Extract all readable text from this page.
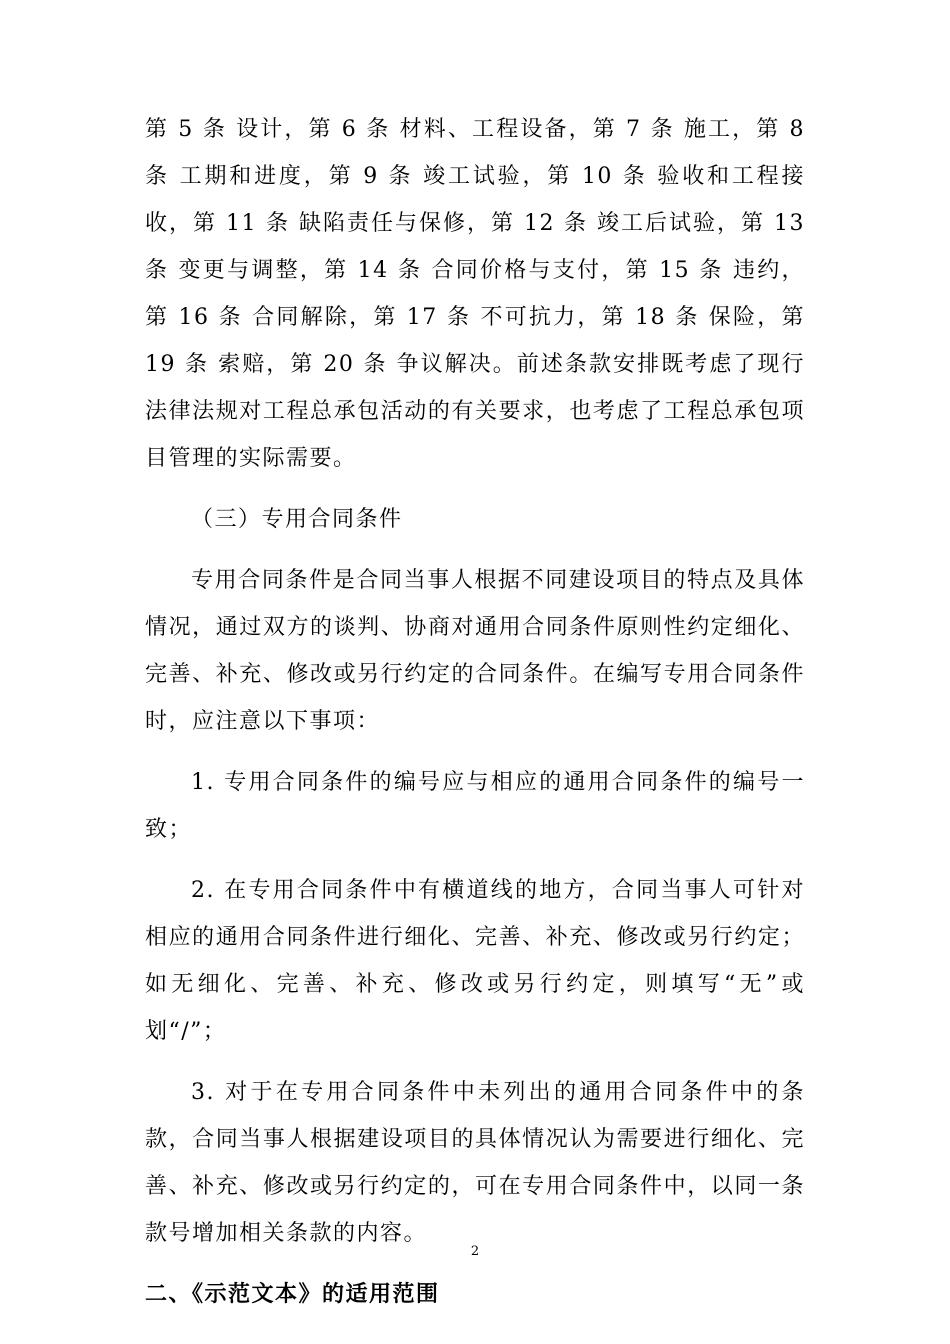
第 5 条 设计，第 6 条 材料、工程设备，第 7 条 施工，第 8 条 工期和进度，第 9 条 竣工试验，第 10 条 验收和工程接收，第 11 条 缺陷责任与保修，第 12 条 竣工后试验，第 13 条 变更与调整，第 14 条 合同价格与支付，第 15 条 违约，第 16 条 合同解除，第 17 条 不可抗力，第 18 条 保险，第 19 条 索赔，第 20 条 争议解决。前述条款安排既考虑了现行法律法规对工程总承包活动的有关要求，也考虑了工程总承包项目管理的实际需要。

（三）专用合同条件

专用合同条件是合同当事人根据不同建设项目的特点及具体情况，通过双方的谈判、协商对通用合同条件原则性约定细化、完善、补充、修改或另行约定的合同条件。在编写专用合同条件时，应注意以下事项：

1. 专用合同条件的编号应与相应的通用合同条件的编号一致；

2. 在专用合同条件中有横道线的地方，合同当事人可针对相应的通用合同条件进行细化、完善、补充、修改或另行约定；如无细化、完善、补充、修改或另行约定，则填写“无”或划“/”；

3. 对于在专用合同条件中未列出的通用合同条件中的条款，合同当事人根据建设项目的具体情况认为需要进行细化、完善、补充、修改或另行约定的，可在专用合同条件中，以同一条款号增加相关条款的内容。

二、《示范文本》的适用范围

2
